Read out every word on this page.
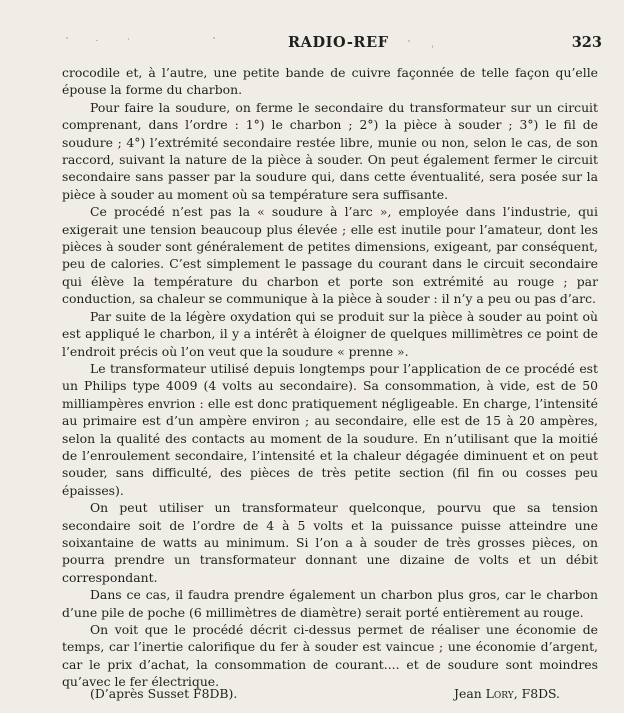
RADIO-REF	323

crocodile et, à l’autre, une petite bande de cuivre façonnée de telle façon qu’elle épouse la forme du charbon.

Pour faire la soudure, on ferme le secondaire du transformateur sur un circuit comprenant, dans l’ordre : 1°) le charbon ; 2°) la pièce à souder ; 3°) le fil de soudure ; 4°) l’extrémité secondaire restée libre, munie ou non, selon le cas, de son raccord, suivant la nature de la pièce à souder. On peut également fermer le circuit secondaire sans passer par la soudure qui, dans cette éventualité, sera posée sur la pièce à souder au moment où sa température sera suffisante.

Ce procédé n’est pas la « soudure à l’arc », employée dans l’industrie, qui exigerait une tension beaucoup plus élevée ; elle est inutile pour l’amateur, dont les pièces à souder sont généralement de petites dimensions, exigeant, par conséquent, peu de calories. C’est simplement le passage du courant dans le circuit secondaire qui élève la température du charbon et porte son extrémité au rouge ; par conduction, sa chaleur se communique à la pièce à souder : il n’y a peu ou pas d’arc.

Par suite de la légère oxydation qui se produit sur la pièce à souder au point où est appliqué le charbon, il y a intérêt à éloigner de quelques millimètres ce point de l’endroit précis où l’on veut que la soudure « prenne ».

Le transformateur utilisé depuis longtemps pour l’application de ce procédé est un Philips type 4009 (4 volts au secondaire). Sa consommation, à vide, est de 50 milliampères envrion : elle est donc pratiquement négligeable. En charge, l’intensité au primaire est d’un ampère environ ; au secondaire, elle est de 15 à 20 ampères, selon la qualité des contacts au moment de la soudure. En n’utilisant que la moitié de l’enroulement secondaire, l’intensité et la chaleur dégagée diminuent et on peut souder, sans difficulté, des pièces de très petite section (fil fin ou cosses peu épaisses).

On peut utiliser un transformateur quelconque, pourvu que sa tension secondaire soit de l’ordre de 4 à 5 volts et la puissance puisse atteindre une soixantaine de watts au minimum. Si l’on a à souder de très grosses pièces, on pourra prendre un transformateur donnant une dizaine de volts et un débit correspondant.

Dans ce cas, il faudra prendre également un charbon plus gros, car le charbon d’une pile de poche (6 millimètres de diamètre) serait porté entièrement au rouge.

On voit que le procédé décrit ci-dessus permet de réaliser une économie de temps, car l’inertie calorifique du fer à souder est vaincue ; une économie d’argent, car le prix d’achat, la consommation de courant.... et de soudure sont moindres qu’avec le fer électrique.

(D’après Susset F8DB).	Jean Lory, F8DS.
